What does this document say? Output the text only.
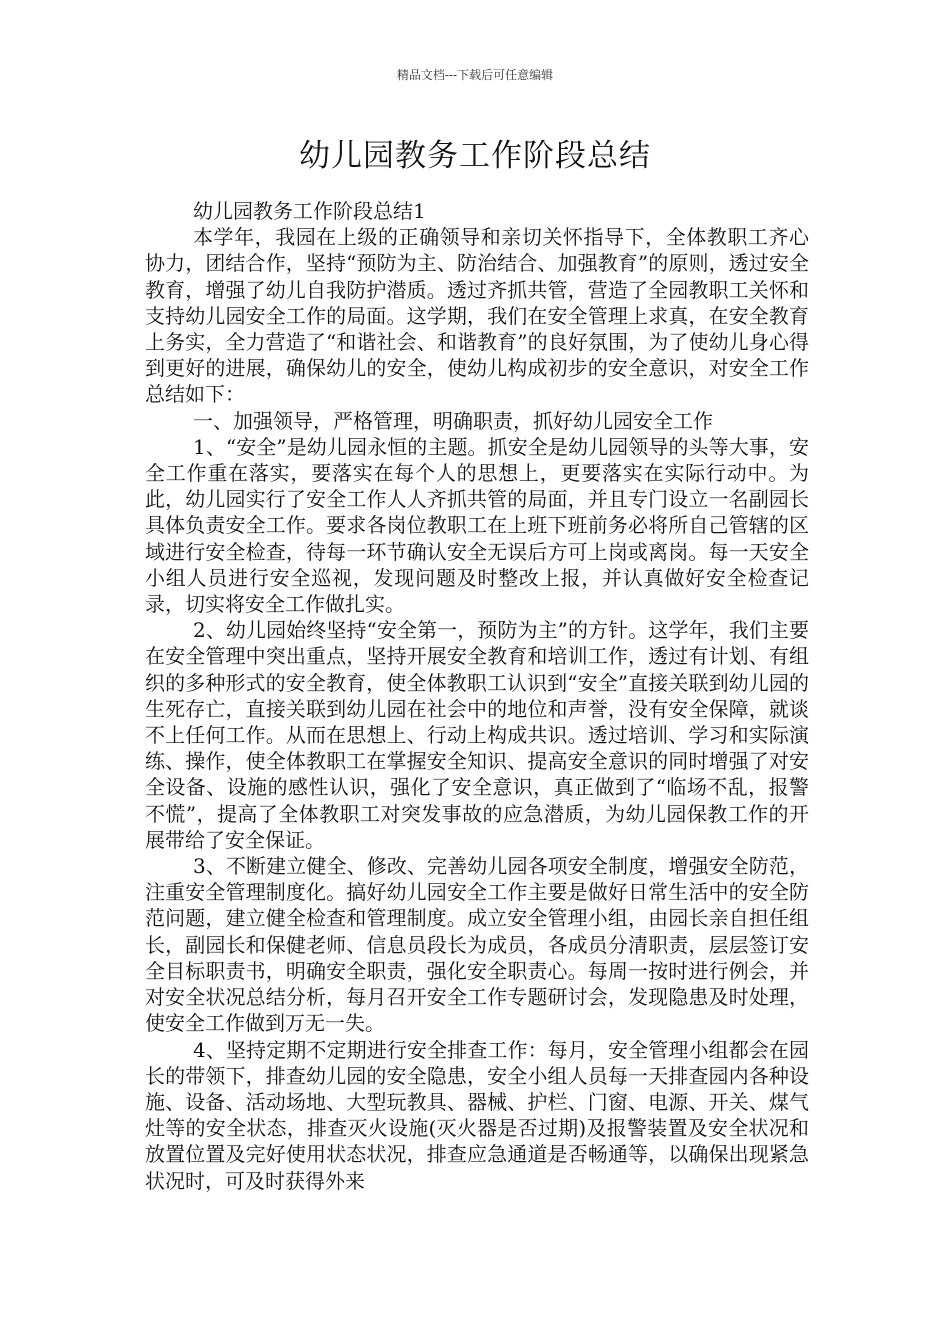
精品文档---下载后可任意编辑
幼儿园教务工作阶段总结

幼儿园教务工作阶段总结1

本学年，我园在上级的正确领导和亲切关怀指导下，全体教职工齐心协力，团结合作，坚持“预防为主、防治结合、加强教育”的原则，透过安全教育，增强了幼儿自我防护潜质。透过齐抓共管，营造了全园教职工关怀和支持幼儿园安全工作的局面。这学期，我们在安全管理上求真，在安全教育上务实，全力营造了“和谐社会、和谐教育”的良好氛围，为了使幼儿身心得到更好的进展，确保幼儿的安全，使幼儿构成初步的安全意识，对安全工作总结如下：

一、加强领导，严格管理，明确职责，抓好幼儿园安全工作

1、“安全”是幼儿园永恒的主题。抓安全是幼儿园领导的头等大事，安全工作重在落实，要落实在每个人的思想上，更要落实在实际行动中。为此，幼儿园实行了安全工作人人齐抓共管的局面，并且专门设立一名副园长具体负责安全工作。要求各岗位教职工在上班下班前务必将所自己管辖的区域进行安全检查，待每一环节确认安全无误后方可上岗或离岗。每一天安全小组人员进行安全巡视，发现问题及时整改上报，并认真做好安全检查记录，切实将安全工作做扎实。

2、幼儿园始终坚持“安全第一，预防为主”的方针。这学年，我们主要在安全管理中突出重点，坚持开展安全教育和培训工作，透过有计划、有组织的多种形式的安全教育，使全体教职工认识到“安全”直接关联到幼儿园的生死存亡，直接关联到幼儿园在社会中的地位和声誉，没有安全保障，就谈不上任何工作。从而在思想上、行动上构成共识。透过培训、学习和实际演练、操作，使全体教职工在掌握安全知识、提高安全意识的同时增强了对安全设备、设施的感性认识，强化了安全意识，真正做到了“临场不乱，报警不慌”，提高了全体教职工对突发事故的应急潜质，为幼儿园保教工作的开展带给了安全保证。

3、不断建立健全、修改、完善幼儿园各项安全制度，增强安全防范，注重安全管理制度化。搞好幼儿园安全工作主要是做好日常生活中的安全防范问题，建立健全检查和管理制度。成立安全管理小组，由园长亲自担任组长，副园长和保健老师、信息员段长为成员，各成员分清职责，层层签订安全目标职责书，明确安全职责，强化安全职责心。每周一按时进行例会，并对安全状况总结分析，每月召开安全工作专题研讨会，发现隐患及时处理，使安全工作做到万无一失。

4、坚持定期不定期进行安全排查工作：每月，安全管理小组都会在园长的带领下，排查幼儿园的安全隐患，安全小组人员每一天排查园内各种设施、设备、活动场地、大型玩教具、器械、护栏、门窗、电源、开关、煤气灶等的安全状态，排查灭火设施(灭火器是否过期)及报警装置及安全状况和放置位置及完好使用状态状况，排查应急通道是否畅通等，以确保出现紧急状况时，可及时获得外来
